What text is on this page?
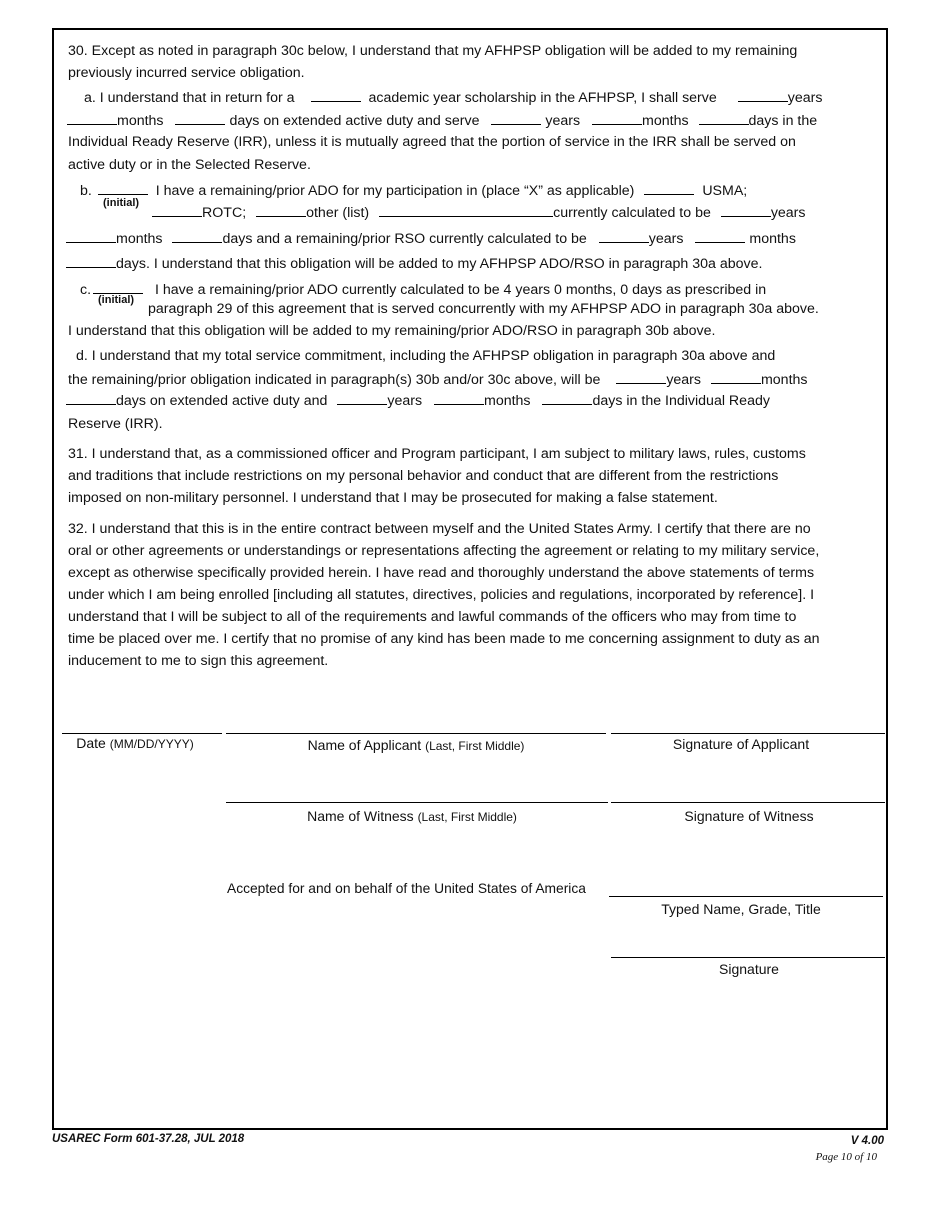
30. Except as noted in paragraph 30c below, I understand that my AFHPSP obligation will be added to my remaining
previously incurred service obligation.
a. I understand that in return for a	academic year scholarship in the AFHPSP, I shall serve	years
months	days on extended active duty and serve	years	months	days in the
Individual Ready Reserve (IRR), unless it is mutually agreed that the portion of service in the IRR shall be served on
active duty or in the Selected Reserve.
b.	I have a remaining/prior ADO for my participation in (place “X” as applicable)	USMA;
(initial)
ROTC;	other (list)	currently calculated to be	years
months	days and a remaining/prior RSO currently calculated to be	years	months
days. I understand that this obligation will be added to my AFHPSP ADO/RSO in paragraph 30a above.
c.	I have a remaining/prior ADO currently calculated to be 4 years 0 months, 0 days as prescribed in
(initial)
paragraph 29 of this agreement that is served concurrently with my AFHPSP ADO in paragraph 30a above.
I understand that this obligation will be added to my remaining/prior ADO/RSO in paragraph 30b above.
d. I understand that my total service commitment, including the AFHPSP obligation in paragraph 30a above and
the remaining/prior obligation indicated in paragraph(s) 30b and/or 30c above, will be	years	months
days on extended active duty and	years	months	days in the Individual Ready
Reserve (IRR).
31. I understand that, as a commissioned officer and Program participant, I am subject to military laws, rules, customs
and traditions that include restrictions on my personal behavior and conduct that are different from the restrictions
imposed on non-military personnel. I understand that I may be prosecuted for making a false statement.
32. I understand that this is in the entire contract between myself and the United States Army. I certify that there are no
oral or other agreements or understandings or representations affecting the agreement or relating to my military service,
except as otherwise specifically provided herein. I have read and thoroughly understand the above statements of terms
under which I am being enrolled [including all statutes, directives, policies and regulations, incorporated by reference]. I
understand that I will be subject to all of the requirements and lawful commands of the officers who may from time to
time be placed over me. I certify that no promise of any kind has been made to me concerning assignment to duty as an
inducement to me to sign this agreement.
Date (MM/DD/YYYY)	Name of Applicant (Last, First Middle)	Signature of Applicant
Name of Witness (Last, First Middle)	Signature of Witness
Accepted for and on behalf of the United States of America
Typed Name, Grade, Title
Signature
USAREC Form 601-37.28, JUL 2018	V 4.00
Page 10 of 10
